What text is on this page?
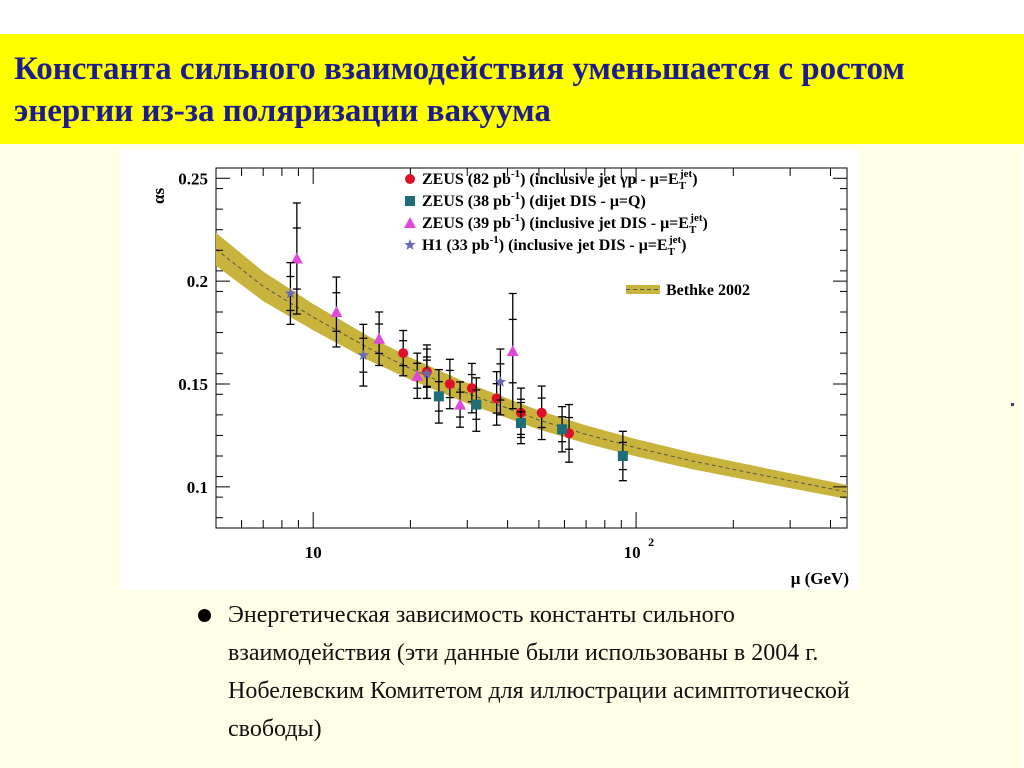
Константа сильного взаимодействия уменьшается с ростом энергии из-за поляризации вакуума
0.1
0.15
0.2
0.25
10	10
2
μ (GeV)
αs
ZEUS (82 $pb^{-1}$) (inclusive jet $\gamma p - \mu=E_Tjet$)
ZEUS (38 $pb^{-1}$) (dijet DIS - μ=Q)
ZEUS (39 $pb^{-1}$) (inclusive jet DIS - $\mu=E_Tjet$)
H1 (33 $pb^{-1}$) (inclusive jet DIS - $\mu=E_Tjet$)
Bethke 2002
Энергетическая зависимость константы сильного взаимодействия (эти данные были использованы в 2004 г. Нобелевским Комитетом для иллюстрации асимптотической свободы)
